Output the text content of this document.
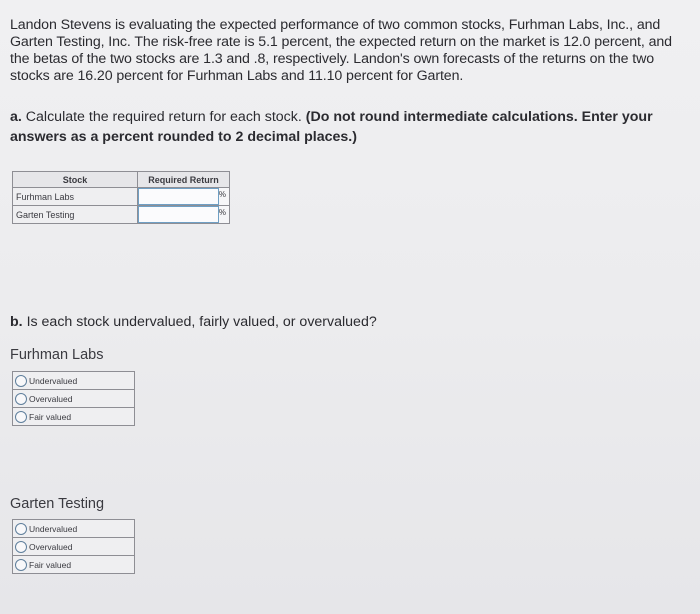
Landon Stevens is evaluating the expected performance of two common stocks, Furhman Labs, Inc., and Garten Testing, Inc. The risk-free rate is 5.1 percent, the expected return on the market is 12.0 percent, and the betas of the two stocks are 1.3 and .8, respectively. Landon's own forecasts of the returns on the two stocks are 16.20 percent for Furhman Labs and 11.10 percent for Garten.
a. Calculate the required return for each stock. (Do not round intermediate calculations. Enter your answers as a percent rounded to 2 decimal places.)
Stock	Required Return
Furhman Labs	%

Garten Testing	%
b. Is each stock undervalued, fairly valued, or overvalued?
Furhman Labs
Undervalued
Overvalued
Fair valued
Garten Testing
Undervalued
Overvalued
Fair valued
